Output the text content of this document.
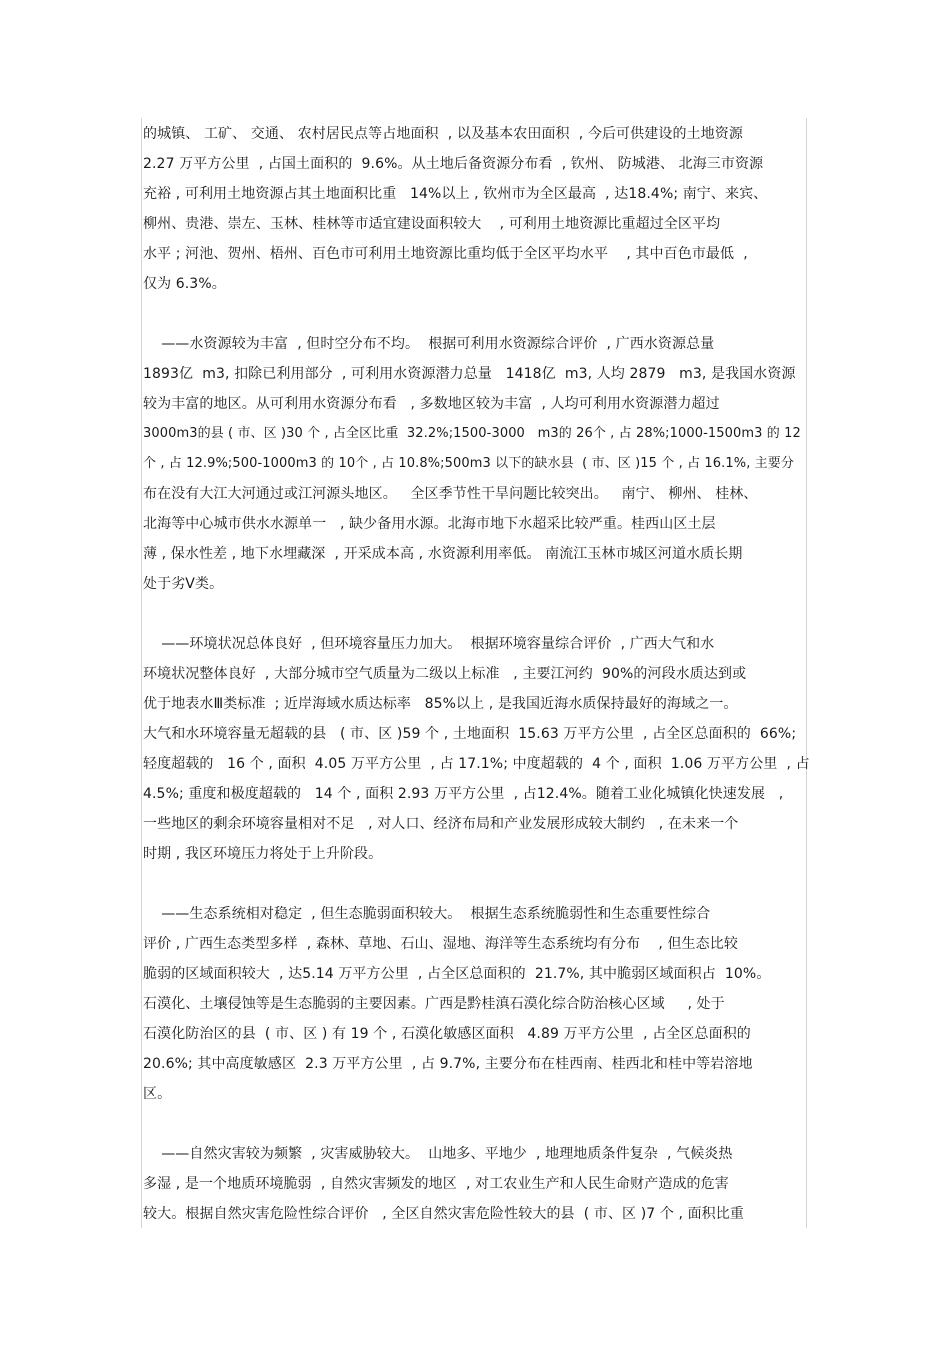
的城镇、 工矿、 交通、 农村居民点等占地面积  , 以及基本农田面积  , 今后可供建设的土地资源
2.27 万平方公里  , 占国土面积的  9.6%。从土地后备资源分布看  , 钦州、 防城港、 北海三市资源
充裕 , 可利用土地资源占其土地面积比重   14%以上 , 钦州市为全区最高  , 达18.4%; 南宁、来宾、
柳州、贵港、崇左、玉林、桂林等市适宜建设面积较大    , 可利用土地资源比重超过全区平均
水平 ; 河池、贺州、梧州、百色市可利用土地资源比重均低于全区平均水平    , 其中百色市最低  ,
仅为 6.3%。
——水资源较为丰富  , 但时空分布不均。  根据可利用水资源综合评价  , 广西水资源总量
1893亿  m3, 扣除已利用部分  , 可利用水资源潜力总量   1418亿  m3, 人均 2879   m3, 是我国水资源
较为丰富的地区。从可利用水资源分布看   , 多数地区较为丰富  , 人均可利用水资源潜力超过
3000m3的县 ( 市、区 )30 个 , 占全区比重  32.2%;1500-3000   m3的 26个 , 占 28%;1000-1500m3 的 12
个 , 占 12.9%;500-1000m3 的 10个 , 占 10.8%;500m3 以下的缺水县  ( 市、区 )15 个 , 占 16.1%, 主要分
布在没有大江大河通过或江河源头地区。   全区季节性干旱问题比较突出。   南宁、 柳州、 桂林、
北海等中心城市供水水源单一   , 缺少备用水源。北海市地下水超采比较严重。桂西山区土层
薄 , 保水性差 , 地下水埋藏深  , 开采成本高 , 水资源利用率低。 南流江玉林市城区河道水质长期
处于劣Ⅴ类。
——环境状况总体良好  , 但环境容量压力加大。  根据环境容量综合评价  , 广西大气和水
环境状况整体良好  , 大部分城市空气质量为二级以上标准   , 主要江河约  90%的河段水质达到或
优于地表水Ⅲ类标准  ; 近岸海域水质达标率   85%以上 , 是我国近海水质保持最好的海域之一。
大气和水环境容量无超载的县   ( 市、区 )59 个 , 土地面积  15.63 万平方公里  , 占全区总面积的  66%;
轻度超载的   16 个 , 面积  4.05 万平方公里  , 占 17.1%; 中度超载的  4 个 , 面积  1.06 万平方公里  , 占
4.5%; 重度和极度超载的   14 个 , 面积 2.93 万平方公里  , 占12.4%。随着工业化城镇化快速发展   ,
一些地区的剩余环境容量相对不足   , 对人口、经济布局和产业发展形成较大制约   , 在未来一个
时期 , 我区环境压力将处于上升阶段。
——生态系统相对稳定  , 但生态脆弱面积较大。  根据生态系统脆弱性和生态重要性综合
评价 , 广西生态类型多样  , 森林、草地、石山、湿地、海洋等生态系统均有分布    , 但生态比较
脆弱的区域面积较大  , 达5.14 万平方公里  , 占全区总面积的  21.7%, 其中脆弱区域面积占  10%。
石漠化、土壤侵蚀等是生态脆弱的主要因素。广西是黔桂滇石漠化综合防治核心区域     , 处于
石漠化防治区的县  ( 市、区 ) 有 19 个 , 石漠化敏感区面积   4.89 万平方公里  , 占全区总面积的
20.6%; 其中高度敏感区  2.3 万平方公里  , 占 9.7%, 主要分布在桂西南、桂西北和桂中等岩溶地
区。
——自然灾害较为频繁  , 灾害威胁较大。  山地多、平地少  , 地理地质条件复杂  , 气候炎热
多湿 , 是一个地质环境脆弱  , 自然灾害频发的地区  , 对工农业生产和人民生命财产造成的危害
较大。根据自然灾害危险性综合评价   , 全区自然灾害危险性较大的县  ( 市、区 )7 个 , 面积比重
